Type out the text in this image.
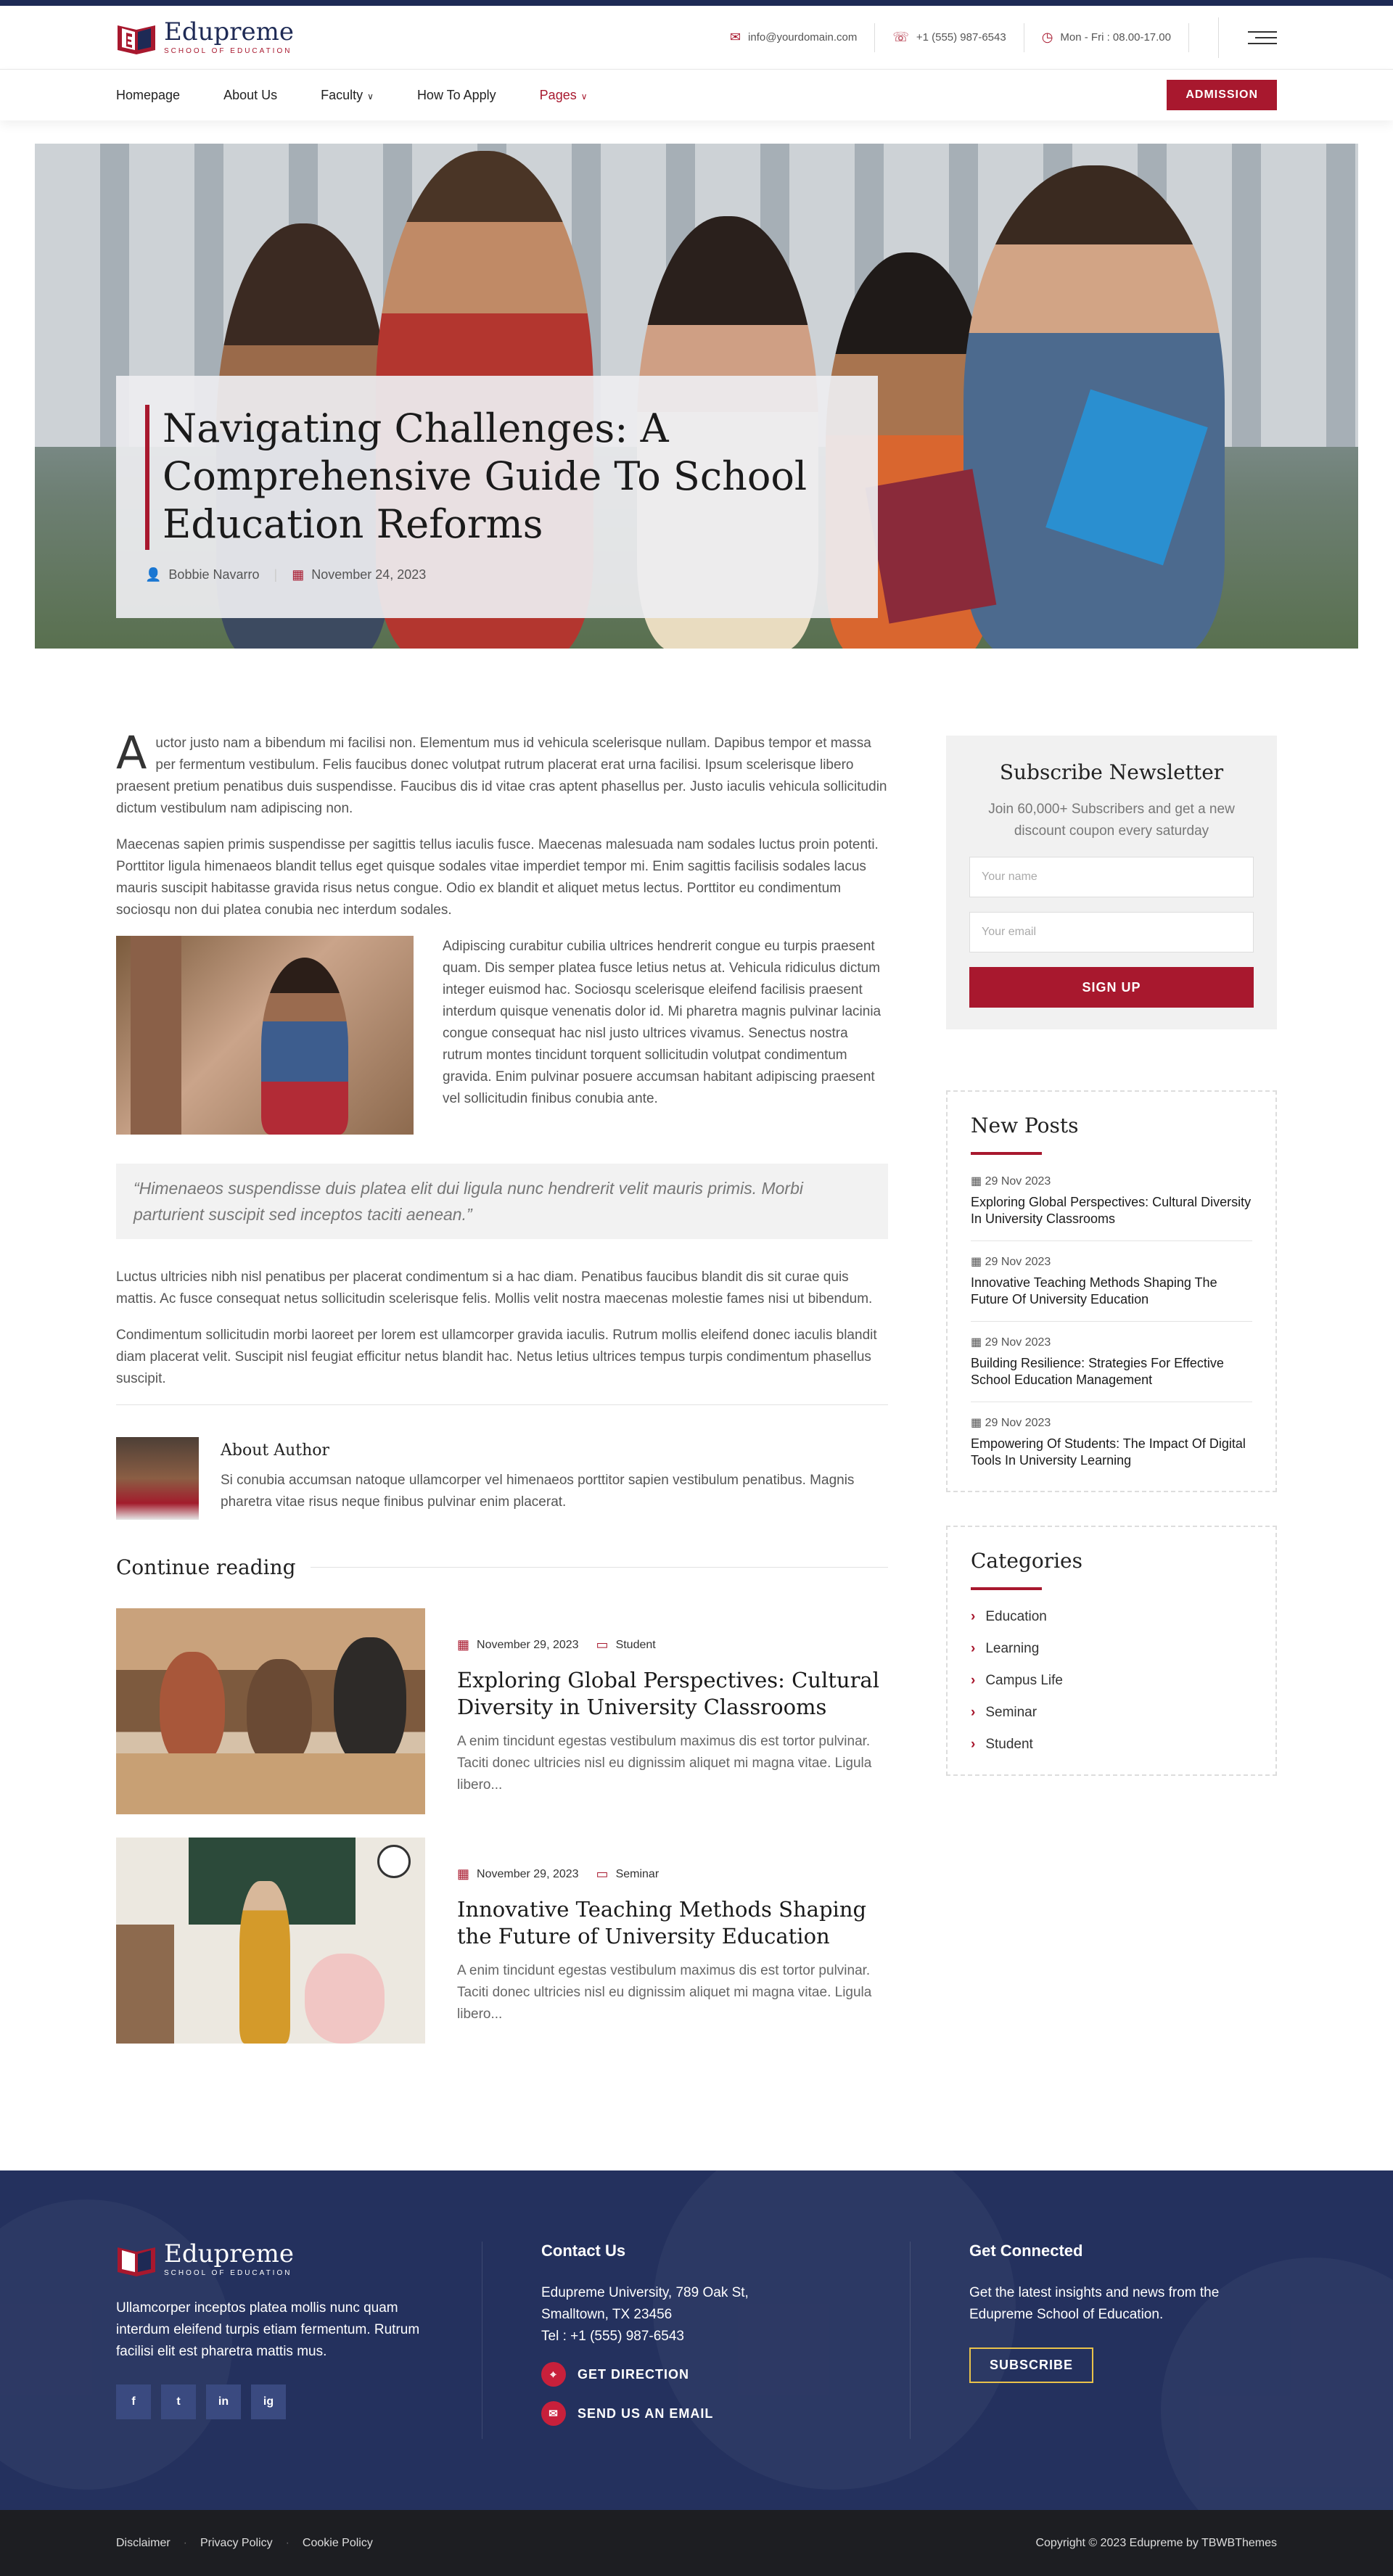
Edupreme
SCHOOL OF EDUCATION
✉ info@yourdomain.com	☏ +1 (555) 987-6543	◷ Mon - Fri : 08.00-17.00
Homepage	About Us	Faculty ∨	How To Apply	Pages ∨	ADMISSION
Navigating Challenges: A Comprehensive Guide To School Education Reforms
👤 Bobbie Navarro | ▦ November 24, 2023

Auctor justo nam a bibendum mi facilisi non. Elementum mus id vehicula scelerisque nullam. Dapibus tempor et massa per fermentum vestibulum. Felis faucibus donec volutpat rutrum placerat erat urna facilisi. Ipsum scelerisque libero praesent pretium penatibus duis suspendisse. Faucibus dis id vitae cras aptent phasellus per. Justo iaculis vehicula sollicitudin dictum vestibulum nam adipiscing non.

Maecenas sapien primis suspendisse per sagittis tellus iaculis fusce. Maecenas malesuada nam sodales luctus proin potenti. Porttitor ligula himenaeos blandit tellus eget quisque sodales vitae imperdiet tempor mi. Enim sagittis facilisis sodales lacus mauris suscipit habitasse gravida risus netus congue. Odio ex blandit et aliquet metus lectus. Porttitor eu condimentum sociosqu non dui platea conubia nec interdum sodales.

Adipiscing curabitur cubilia ultrices hendrerit congue eu turpis praesent quam. Dis semper platea fusce letius netus at. Vehicula ridiculus dictum integer euismod hac. Sociosqu scelerisque eleifend facilisis praesent interdum quisque venenatis dolor id. Mi pharetra magnis pulvinar lacinia congue consequat hac nisl justo ultrices vivamus. Senectus nostra rutrum montes tincidunt torquent sollicitudin volutpat condimentum gravida. Enim pulvinar posuere accumsan habitant adipiscing praesent vel sollicitudin finibus conubia ante.

“Himenaeos suspendisse duis platea elit dui ligula nunc hendrerit velit mauris primis. Morbi parturient suscipit sed inceptos taciti aenean.”

Luctus ultricies nibh nisl penatibus per placerat condimentum si a hac diam. Penatibus faucibus blandit dis sit curae quis mattis. Ac fusce consequat netus sollicitudin scelerisque felis. Mollis velit nostra maecenas molestie fames nisi ut bibendum.

Condimentum sollicitudin morbi laoreet per lorem est ullamcorper gravida iaculis. Rutrum mollis eleifend donec iaculis blandit diam placerat velit. Suscipit nisl feugiat efficitur netus blandit hac. Netus letius ultrices tempus turpis condimentum phasellus suscipit.

About Author

Si conubia accumsan natoque ullamcorper vel himenaeos porttitor sapien vestibulum penatibus. Magnis pharetra vitae risus neque finibus pulvinar enim placerat.

Continue reading
▦ November 29, 2023 ▭ Student
Exploring Global Perspectives: Cultural Diversity in University Classrooms

A enim tincidunt egestas vestibulum maximus dis est tortor pulvinar. Taciti donec ultricies nisl eu dignissim aliquet mi magna vitae. Ligula libero...

▦ November 29, 2023 ▭ Seminar
Innovative Teaching Methods Shaping the Future of University Education

A enim tincidunt egestas vestibulum maximus dis est tortor pulvinar. Taciti donec ultricies nisl eu dignissim aliquet mi magna vitae. Ligula libero...

Subscribe Newsletter

Join 60,000+ Subscribers and get a new discount coupon every saturday

Your name Your email SIGN UP
New Posts
▦ 29 Nov 2023
Exploring Global Perspectives: Cultural Diversity In University Classrooms
▦ 29 Nov 2023
Innovative Teaching Methods Shaping The Future Of University Education
▦ 29 Nov 2023
Building Resilience: Strategies For Effective School Education Management
▦ 29 Nov 2023
Empowering Of Students: The Impact Of Digital Tools In University Learning
Categories
› Education
› Learning
› Campus Life
› Seminar
› Student
Edupreme
SCHOOL OF EDUCATION

Ullamcorper inceptos platea mollis nunc quam interdum eleifend turpis etiam fermentum. Rutrum facilisi elit est pharetra mattis mus.

f	t	in	ig
Contact Us

Edupreme University, 789 Oak St,

Smalltown, TX 23456

Tel : +1 (555) 987-6543

⌖	GET DIRECTION
✉	SEND US AN EMAIL
Get Connected

Get the latest insights and news from the Edupreme School of Education.

SUBSCRIBE
Disclaimer · Privacy Policy · Cookie Policy	Copyright © 2023 Edupreme by TBWBThemes
